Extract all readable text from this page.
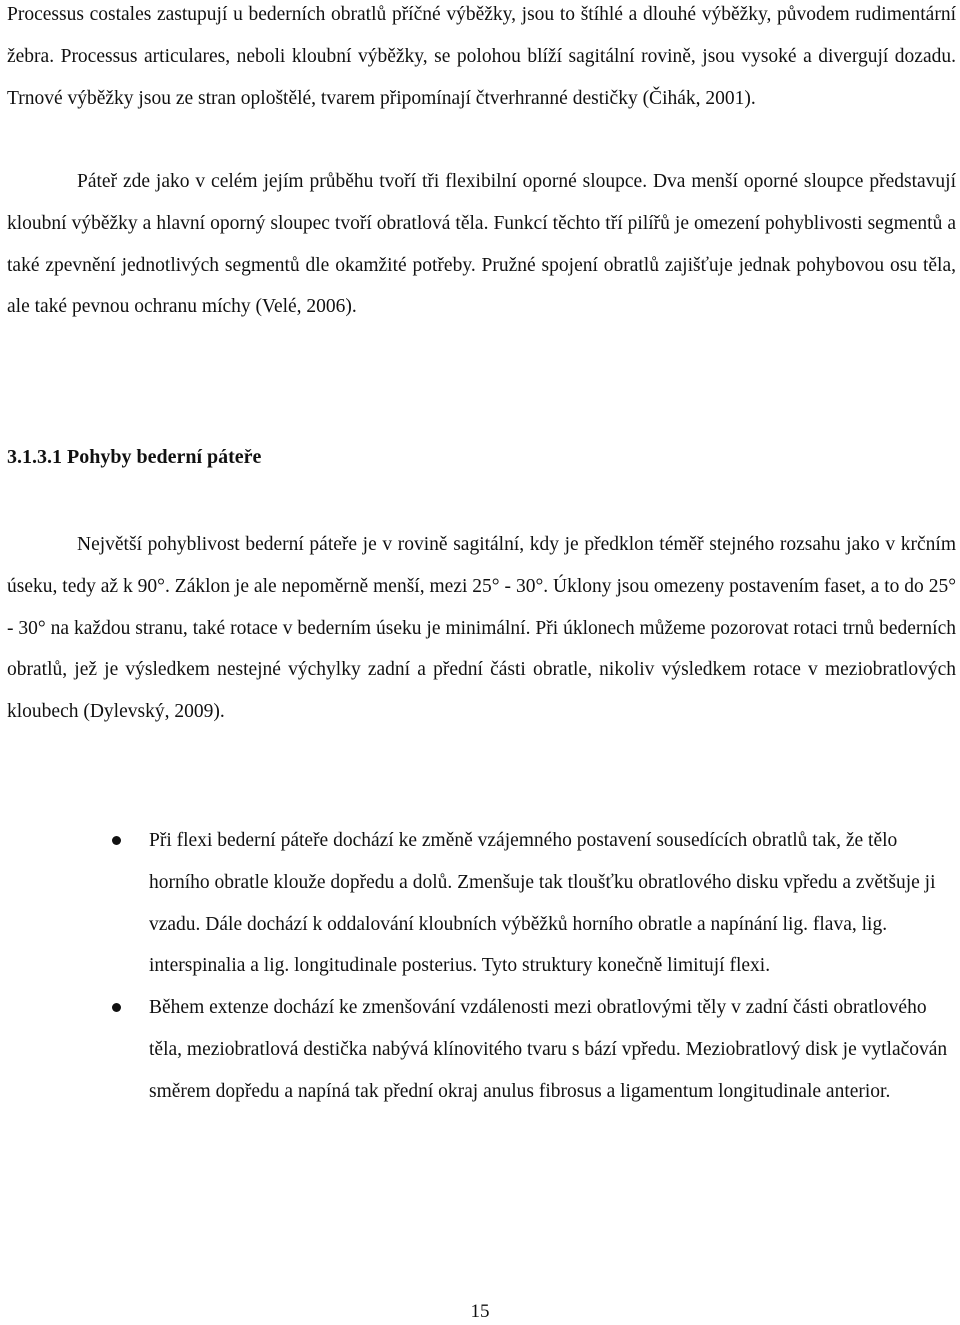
Processus costales zastupují u bederních obratlů příčné výběžky, jsou to štíhlé a dlouhé výběžky, původem rudimentární žebra. Processus articulares, neboli kloubní výběžky, se polohou blíží sagitální rovině, jsou vysoké a divergují dozadu. Trnové výběžky jsou ze stran oploštělé, tvarem připomínají čtverhranné destičky (Čihák, 2001).

Páteř zde jako v celém jejím průběhu tvoří tři flexibilní oporné sloupce. Dva menší oporné sloupce představují kloubní výběžky a hlavní oporný sloupec tvoří obratlová těla. Funkcí těchto tří pilířů je omezení pohyblivosti segmentů a také zpevnění jednotlivých segmentů dle okamžité potřeby. Pružné spojení obratlů zajišťuje jednak pohybovou osu těla, ale také pevnou ochranu míchy (Velé, 2006).

3.1.3.1 Pohyby bederní páteře

Největší pohyblivost bederní páteře je v rovině sagitální, kdy je předklon téměř stejného rozsahu jako v krčním úseku, tedy až k 90°. Záklon je ale nepoměrně menší, mezi 25° - 30°. Úklony jsou omezeny postavením faset, a to do 25° - 30° na každou stranu, také rotace v bederním úseku je minimální. Při úklonech můžeme pozorovat rotaci trnů bederních obratlů, jež je výsledkem nestejné výchylky zadní a přední části obratle, nikoliv výsledkem rotace v meziobratlových kloubech (Dylevský, 2009).

Při flexi bederní páteře dochází ke změně vzájemného postavení sousedících obratlů tak, že tělo horního obratle klouže dopředu a dolů. Zmenšuje tak tloušťku obratlového disku vpředu a zvětšuje ji vzadu. Dále dochází k oddalování kloubních výběžků horního obratle a napínání lig. flava, lig. interspinalia a lig. longitudinale posterius. Tyto struktury konečně limitují flexi.
Během extenze dochází ke zmenšování vzdálenosti mezi obratlovými těly v zadní části obratlového těla, meziobratlová destička nabývá klínovitého tvaru s bází vpředu. Meziobratlový disk je vytlačován směrem dopředu a napíná tak přední okraj anulus fibrosus a ligamentum longitudinale anterior.
15
